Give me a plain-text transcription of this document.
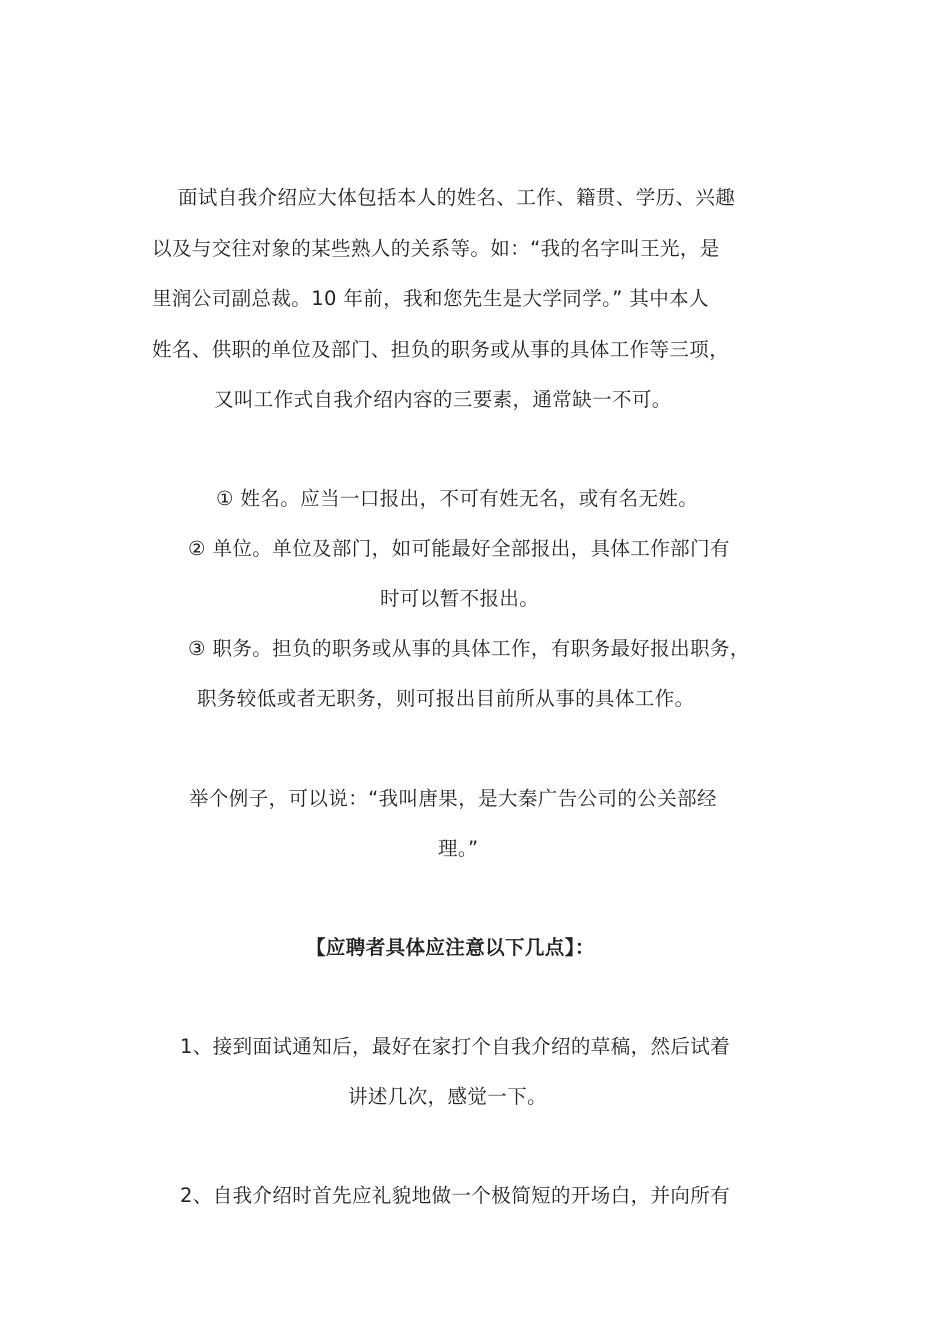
面试自我介绍应大体包括本人的姓名、工作、籍贯、学历、兴趣
以及与交往对象的某些熟人的关系等。如：“我的名字叫王光，是
里润公司副总裁。10 年前，我和您先生是大学同学。” 其中本人
姓名、供职的单位及部门、担负的职务或从事的具体工作等三项，
又叫工作式自我介绍内容的三要素，通常缺一不可。
① 姓名。应当一口报出，不可有姓无名，或有名无姓。
② 单位。单位及部门，如可能最好全部报出，具体工作部门有
时可以暂不报出。
③ 职务。担负的职务或从事的具体工作，有职务最好报出职务，
职务较低或者无职务，则可报出目前所从事的具体工作。
举个例子，可以说：“我叫唐果，是大秦广告公司的公关部经
理。”
【应聘者具体应注意以下几点】：
1、接到面试通知后，最好在家打个自我介绍的草稿，然后试着
讲述几次，感觉一下。
2、自我介绍时首先应礼貌地做一个极简短的开场白，并向所有
